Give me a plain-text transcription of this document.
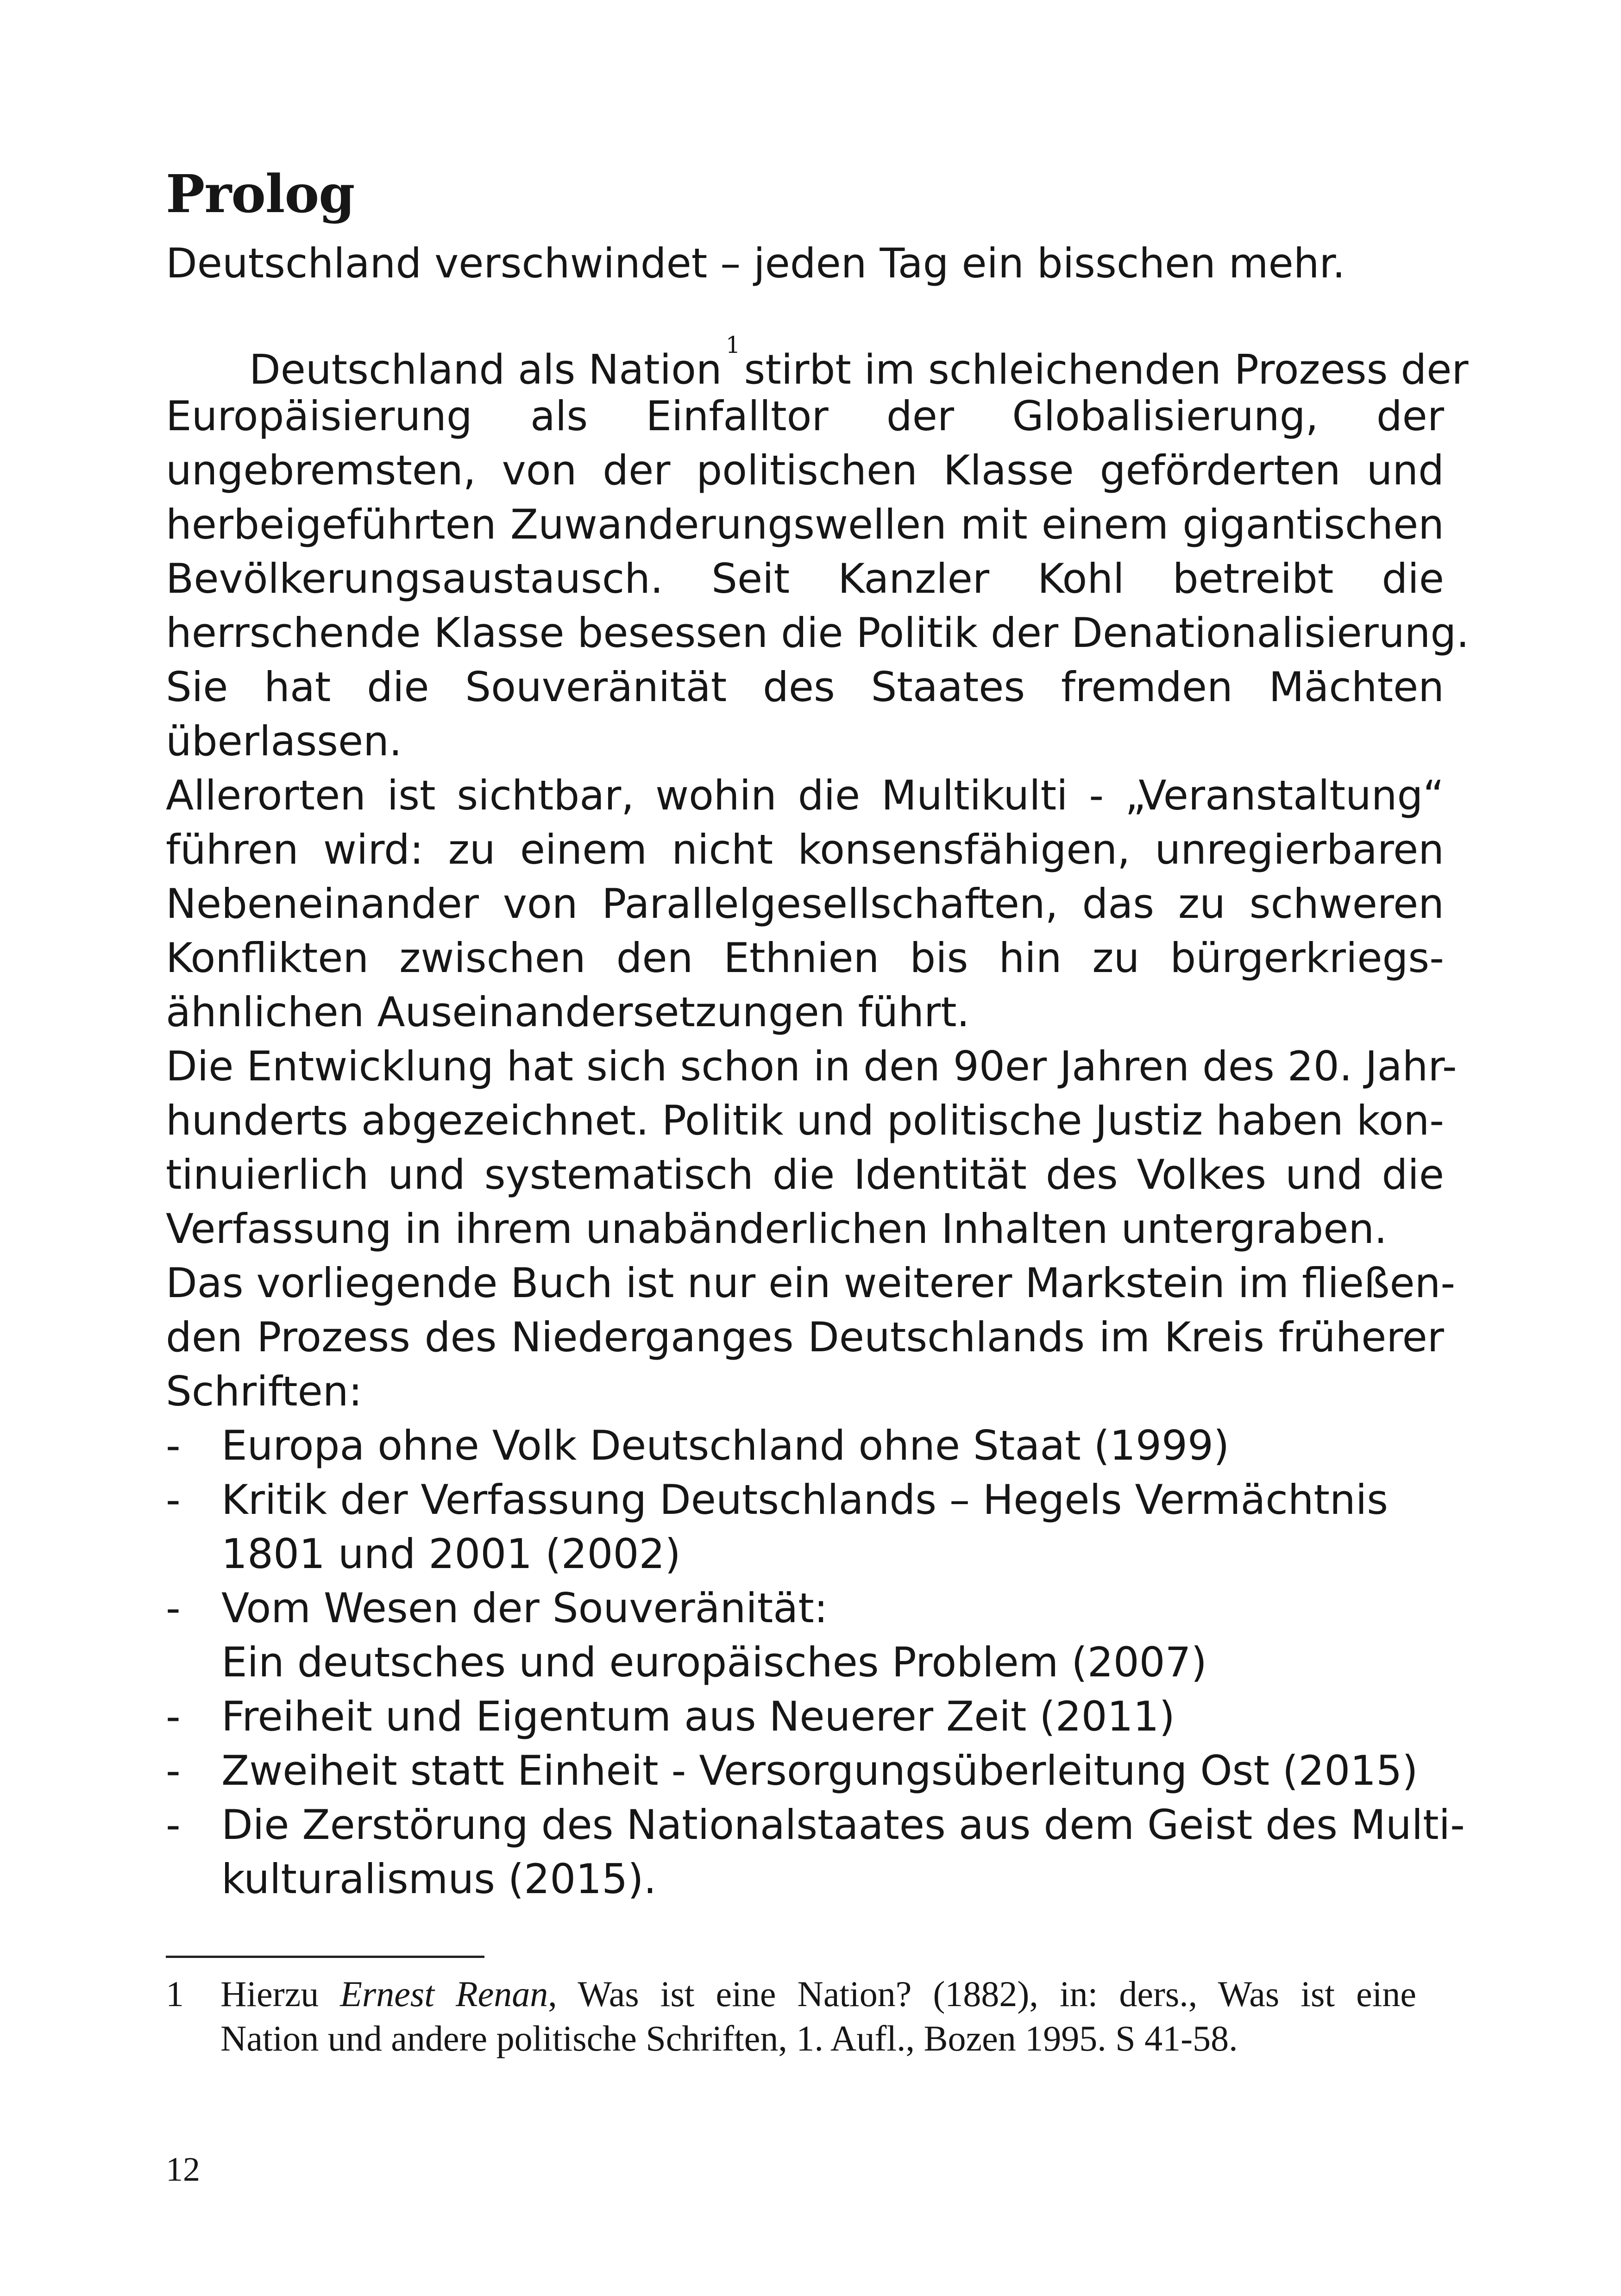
Prolog
Deutschland verschwindet – jeden Tag ein bisschen mehr.
Deutschland als Nation$^1$stirbt im schleichenden Prozess der
Europäisierung als Einfalltor der Globalisierung, der
ungebremsten, von der politischen Klasse geförderten und
herbeigeführten Zuwanderungswellen mit einem gigantischen
Bevölkerungsaustausch. Seit Kanzler Kohl betreibt die
herrschende Klasse besessen die Politik der Denationalisierung.
Sie hat die Souveränität des Staates fremden Mächten
überlassen.
Allerorten ist sichtbar, wohin die Multikulti - „Veranstaltung“
führen wird: zu einem nicht konsensfähigen, unregierbaren
Nebeneinander von Parallelgesellschaften, das zu schweren
Konflikten zwischen den Ethnien bis hin zu bürgerkriegs-
ähnlichen Auseinandersetzungen führt.
Die Entwicklung hat sich schon in den 90er Jahren des 20. Jahr-
hunderts abgezeichnet. Politik und politische Justiz haben kon-
tinuierlich und systematisch die Identität des Volkes und die
Verfassung in ihrem unabänderlichen Inhalten untergraben.
Das vorliegende Buch ist nur ein weiterer Markstein im fließen-
den Prozess des Niederganges Deutschlands im Kreis früherer
Schriften:
- Europa ohne Volk Deutschland ohne Staat (1999)
- Kritik der Verfassung Deutschlands – Hegels Vermächtnis
1801 und 2001 (2002)
- Vom Wesen der Souveränität:
Ein deutsches und europäisches Problem (2007)
- Freiheit und Eigentum aus Neuerer Zeit (2011)
- Zweiheit statt Einheit - Versorgungsüberleitung Ost (2015)
- Die Zerstörung des Nationalstaates aus dem Geist des Multi-
kulturalismus (2015).
1 Hierzu Ernest Renan, Was ist eine Nation? (1882), in: ders., Was ist eine
Nation und andere politische Schriften, 1. Aufl., Bozen 1995. S 41-58.
12
